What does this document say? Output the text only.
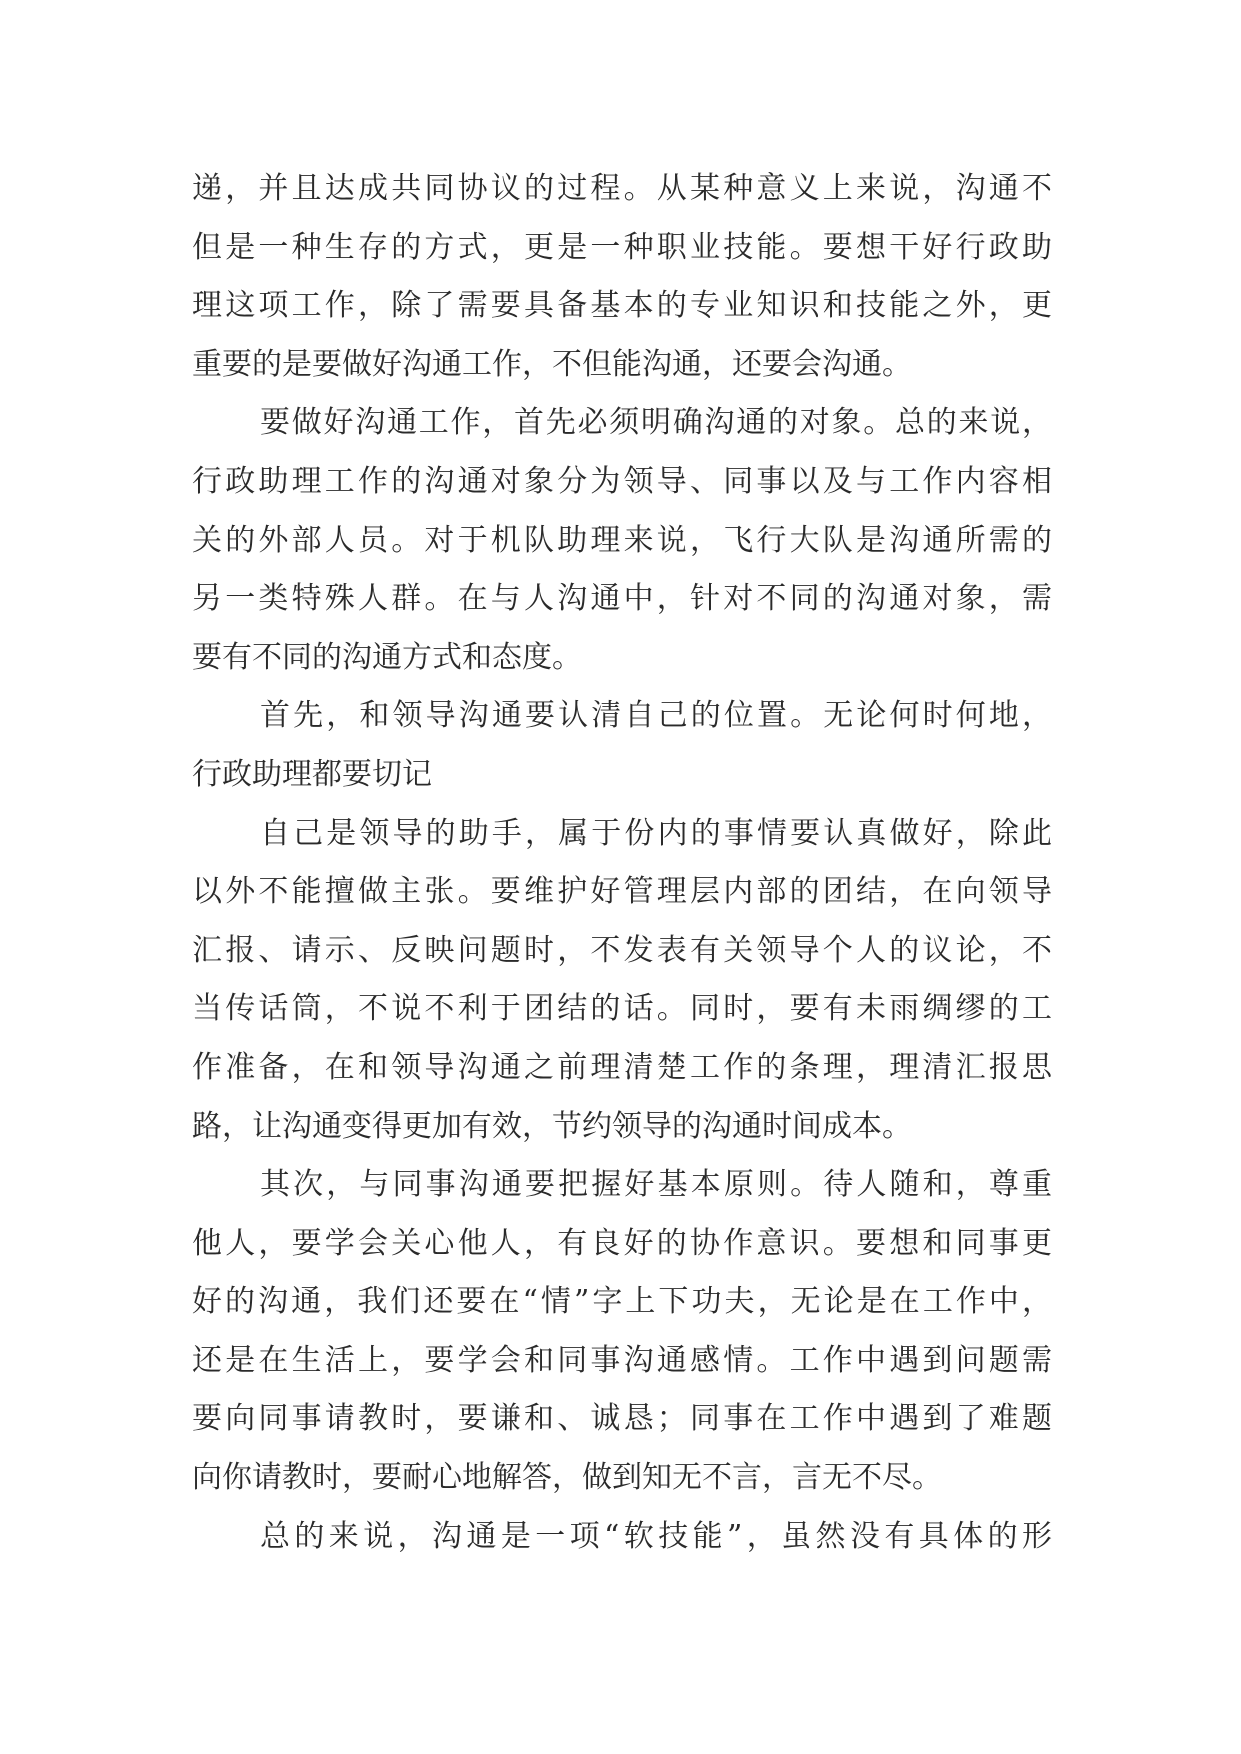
递，并且达成共同协议的过程。从某种意义上来说，沟通不
但是一种生存的方式，更是一种职业技能。要想干好行政助
理这项工作，除了需要具备基本的专业知识和技能之外，更
重要的是要做好沟通工作，不但能沟通，还要会沟通。
要做好沟通工作，首先必须明确沟通的对象。总的来说，
行政助理工作的沟通对象分为领导、同事以及与工作内容相
关的外部人员。对于机队助理来说，飞行大队是沟通所需的
另一类特殊人群。在与人沟通中，针对不同的沟通对象，需
要有不同的沟通方式和态度。
首先，和领导沟通要认清自己的位置。无论何时何地，
行政助理都要切记
自己是领导的助手，属于份内的事情要认真做好，除此
以外不能擅做主张。要维护好管理层内部的团结，在向领导
汇报、请示、反映问题时，不发表有关领导个人的议论，不
当传话筒，不说不利于团结的话。同时，要有未雨绸缪的工
作准备，在和领导沟通之前理清楚工作的条理，理清汇报思
路，让沟通变得更加有效，节约领导的沟通时间成本。
其次，与同事沟通要把握好基本原则。待人随和，尊重
他人，要学会关心他人，有良好的协作意识。要想和同事更
好的沟通，我们还要在“情”字上下功夫，无论是在工作中，
还是在生活上，要学会和同事沟通感情。工作中遇到问题需
要向同事请教时，要谦和、诚恳；同事在工作中遇到了难题
向你请教时，要耐心地解答，做到知无不言，言无不尽。
总的来说，沟通是一项“软技能”，虽然没有具体的形
